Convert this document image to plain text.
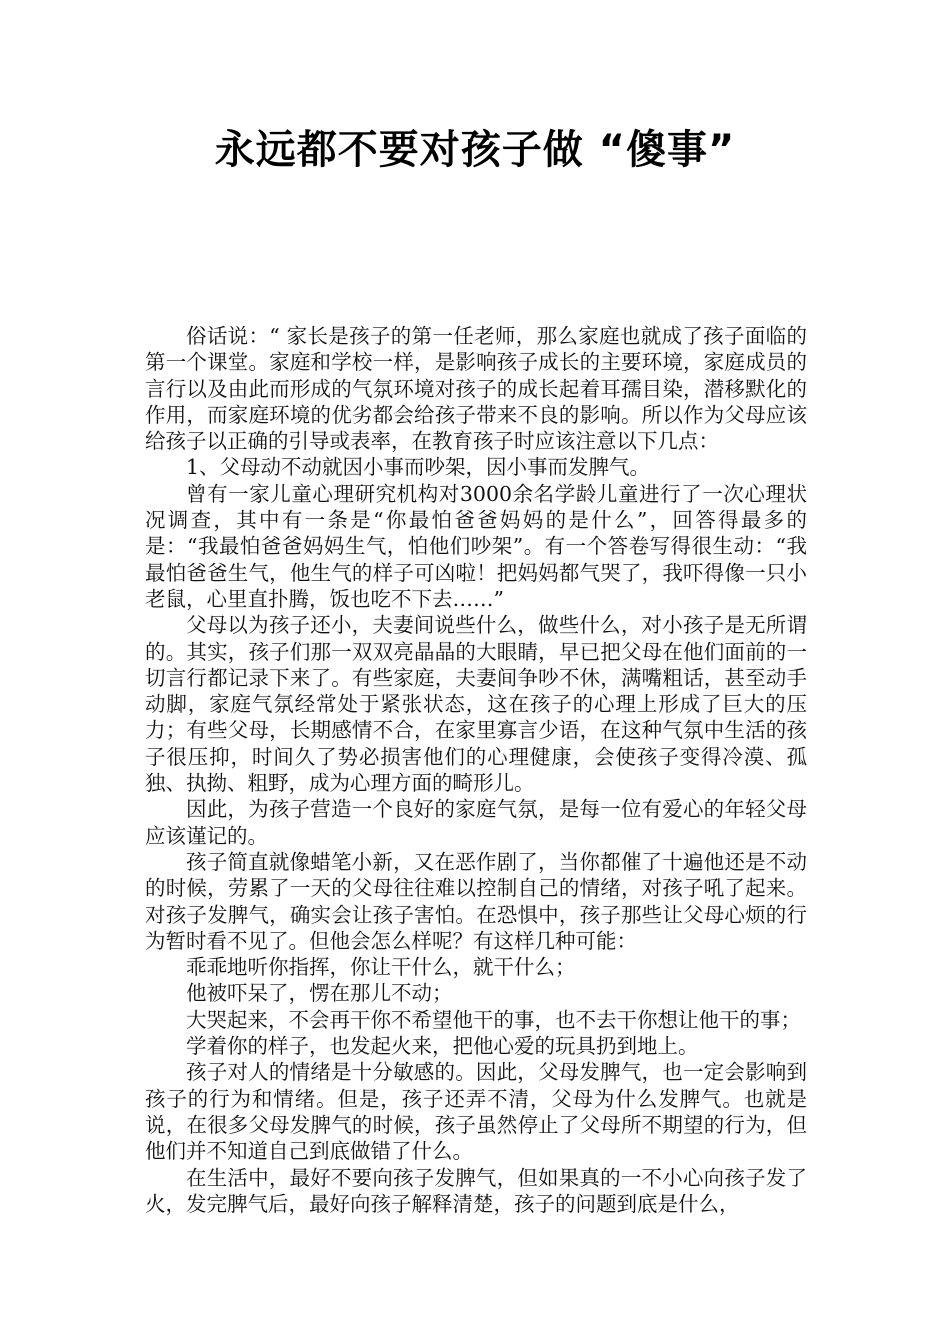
永远都不要对孩子做 “傻事”

俗话说：“ 家长是孩子的第一任老师，那么家庭也就成了孩子面临的第一个课堂。家庭和学校一样，是影响孩子成长的主要环境，家庭成员的言行以及由此而形成的气氛环境对孩子的成长起着耳孺目染，潜移默化的作用，而家庭环境的优劣都会给孩子带来不良的影响。所以作为父母应该给孩子以正确的引导或表率，在教育孩子时应该注意以下几点：

1、父母动不动就因小事而吵架，因小事而发脾气。

曾有一家儿童心理研究机构对3000余名学龄儿童进行了一次心理状况调查，其中有一条是“你最怕爸爸妈妈的是什么”，回答得最多的是：“我最怕爸爸妈妈生气，怕他们吵架”。有一个答卷写得很生动：“我最怕爸爸生气，他生气的样子可凶啦！把妈妈都气哭了，我吓得像一只小老鼠，心里直扑腾，饭也吃不下去……”

父母以为孩子还小，夫妻间说些什么，做些什么，对小孩子是无所谓的。其实，孩子们那一双双亮晶晶的大眼睛，早已把父母在他们面前的一切言行都记录下来了。有些家庭，夫妻间争吵不休，满嘴粗话，甚至动手动脚，家庭气氛经常处于紧张状态，这在孩子的心理上形成了巨大的压力；有些父母，长期感情不合，在家里寡言少语，在这种气氛中生活的孩子很压抑，时间久了势必损害他们的心理健康，会使孩子变得冷漠、孤独、执拗、粗野，成为心理方面的畸形儿。

因此，为孩子营造一个良好的家庭气氛，是每一位有爱心的年轻父母应该谨记的。

孩子简直就像蜡笔小新，又在恶作剧了，当你都催了十遍他还是不动的时候，劳累了一天的父母往往难以控制自己的情绪，对孩子吼了起来。对孩子发脾气，确实会让孩子害怕。在恐惧中，孩子那些让父母心烦的行为暂时看不见了。但他会怎么样呢？有这样几种可能：

乖乖地听你指挥，你让干什么，就干什么；

他被吓呆了，愣在那儿不动；

大哭起来，不会再干你不希望他干的事，也不去干你想让他干的事；

学着你的样子，也发起火来，把他心爱的玩具扔到地上。

孩子对人的情绪是十分敏感的。因此，父母发脾气，也一定会影响到孩子的行为和情绪。但是，孩子还弄不清，父母为什么发脾气。也就是说，在很多父母发脾气的时候，孩子虽然停止了父母所不期望的行为，但他们并不知道自己到底做错了什么。

在生活中，最好不要向孩子发脾气，但如果真的一不小心向孩子发了火，发完脾气后，最好向孩子解释清楚，孩子的问题到底是什么，
